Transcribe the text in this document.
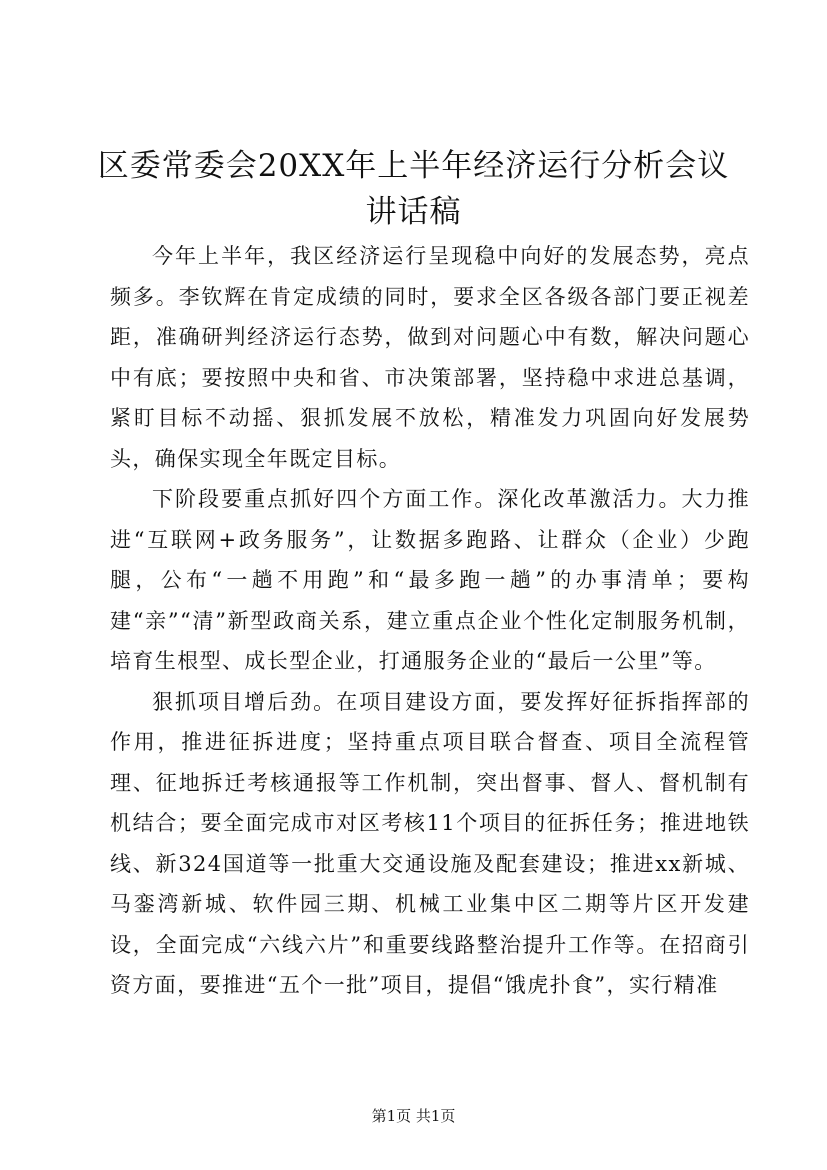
区委常委会20XX年上半年经济运行分析会议
讲话稿

今年上半年，我区经济运行呈现稳中向好的发展态势，亮点频多。李钦辉在肯定成绩的同时，要求全区各级各部门要正视差距，准确研判经济运行态势，做到对问题心中有数，解决问题心中有底；要按照中央和省、市决策部署，坚持稳中求进总基调，紧盯目标不动摇、狠抓发展不放松，精准发力巩固向好发展势头，确保实现全年既定目标。

下阶段要重点抓好四个方面工作。深化改革激活力。大力推进“互联网+政务服务”，让数据多跑路、让群众（企业）少跑腿，公布“一趟不用跑”和“最多跑一趟”的办事清单；要构建“亲”“清”新型政商关系，建立重点企业个性化定制服务机制，培育生根型、成长型企业，打通服务企业的“最后一公里”等。

狠抓项目增后劲。在项目建设方面，要发挥好征拆指挥部的作用，推进征拆进度；坚持重点项目联合督查、项目全流程管理、征地拆迁考核通报等工作机制，突出督事、督人、督机制有机结合；要全面完成市对区考核11个项目的征拆任务；推进地铁线、新324国道等一批重大交通设施及配套建设；推进xx新城、马銮湾新城、软件园三期、机械工业集中区二期等片区开发建设，全面完成“六线六片”和重要线路整治提升工作等。在招商引资方面，要推进“五个一批”项目，提倡“饿虎扑食”，实行精准

第1页 共1页
